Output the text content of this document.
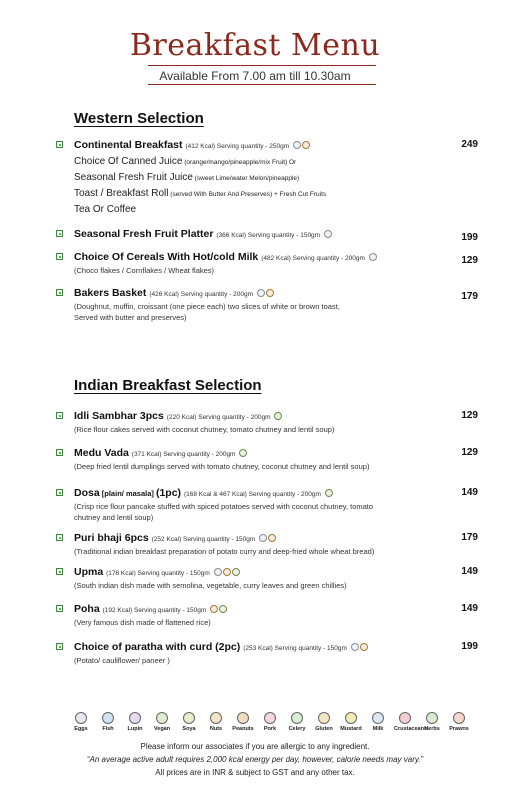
Breakfast Menu
Available From 7.00 am till 10.30am
Western Selection
Continental Breakfast (412 Kcal) Serving quantity - 250gm	249
Choice Of Canned Juice (orange/mango/pineapple/mix Fruit) Or
Seasonal Fresh Fruit Juice (sweet Lime/water Melon/pineapple)
Toast / Breakfast Roll (served With Butter And Preserves) + Fresh Cut Fruits
Tea Or Coffee
Seasonal Fresh Fruit Platter (366 Kcal) Serving quantity - 150gm	199
Choice Of Cereals With Hot/cold Milk (482 Kcal) Serving quantity - 200gm	129
(Choco flakes / Cornflakes / Wheat flakes)
Bakers Basket (426 Kcal) Serving quantity - 200gm	179
(Doughnut, muffin, croissant (one piece each) two slices of white or brown toast,
Served with butter and preserves)
Indian Breakfast Selection
Idli Sambhar 3pcs (220 Kcal) Serving quantity - 200gm	129
(Rice flour cakes served with coconut chutney, tomato chutney and lentil soup)
Medu Vada (371 Kcal) Serving quantity - 200gm	129
(Deep fried lentil dumplings served with tomato chutney, coconut chutney and lentil soup)
Dosa [plain/ masala] (1pc) (168 Kcal & 467 Kcal) Serving quantity - 200gm	149
(Crisp rice flour pancake stuffed with spiced potatoes served with coconut chutney, tomato
chutney and lentil soup)
Puri bhaji 6pcs (252 Kcal) Serving quantity - 150gm	179
(Traditional indian breakfast preparation of potato curry and deep-fried whole wheat bread)
Upma (178 Kcal) Serving quantity - 150gm	149
(South indian dish made with semolina, vegetable, curry leaves and green chillies)
Poha (192 Kcal) Serving quantity - 150gm	149
(Very famous dish made of flattened rice)
Choice of paratha with curd (2pc) (253 Kcal) Serving quantity - 150gm	199
(Potato/ cauliflower/ paneer )
Eggs	Fish	Lupin	Vegan	Soya	Nuts	Peanuts	Pork	Celery	Gluten	Mustard	Milk	Crustaceans
Herbs	Prawns
Please inform our associates if you are allergic to any ingredient.
“An average active adult requires 2,000 kcal energy per day, however, calorie needs may vary.”
All prices are in INR & subject to GST and any other tax.
